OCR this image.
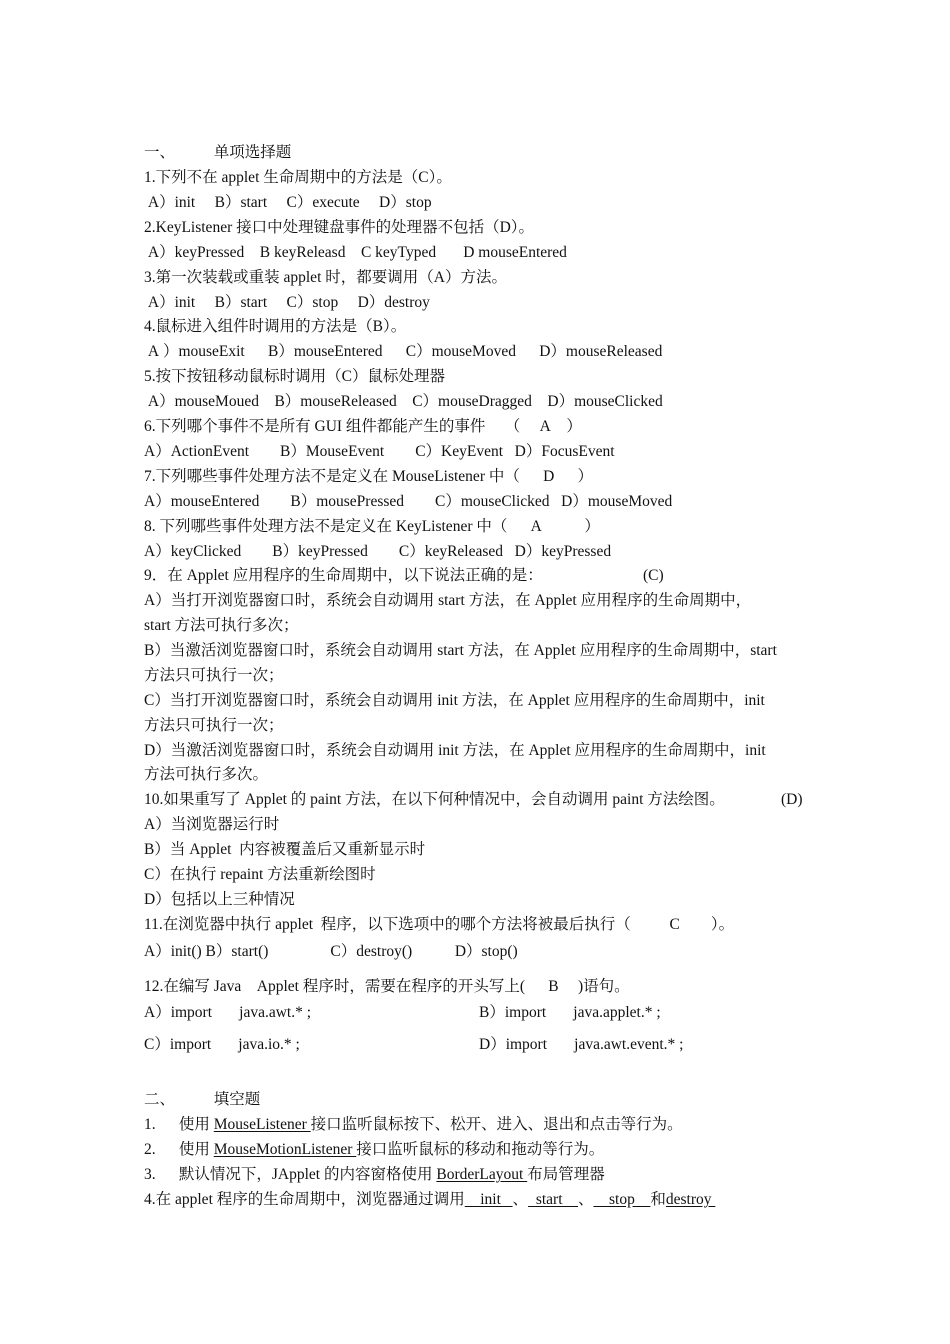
一、          单项选择题
1.下列不在 applet 生命周期中的方法是（C）。
A）init     B）start     C）execute     D）stop
2.KeyListener 接口中处理键盘事件的处理器不包括（D）。
A）keyPressed    B keyReleasd    C keyTyped       D mouseEntered
3.第一次装载或重装 applet 时，都要调用（A）方法。
A）init     B）start     C）stop     D）destroy
4.鼠标进入组件时调用的方法是（B）。
A ）mouseExit      B）mouseEntered      C）mouseMoved      D）mouseReleased
5.按下按钮移动鼠标时调用（C）鼠标处理器
A）mouseMoued    B）mouseReleased    C）mouseDragged    D）mouseClicked
6.下列哪个事件不是所有 GUI 组件都能产生的事件     （     A    ）
A）ActionEvent        B）MouseEvent        C）KeyEvent   D）FocusEvent
7.下列哪些事件处理方法不是定义在 MouseListener 中（      D      ）
A）mouseEntered        B）mousePressed        C）mouseClicked   D）mouseMoved
8. 下列哪些事件处理方法不是定义在 KeyListener 中（      A           ）
A）keyClicked        B）keyPressed        C）keyReleased   D）keyPressed
9．在 Applet 应用程序的生命周期中，以下说法正确的是：	(C)
A）当打开浏览器窗口时，系统会自动调用 start 方法，在 Applet 应用程序的生命周期中，
start 方法可执行多次；
B）当激活浏览器窗口时，系统会自动调用 start 方法，在 Applet 应用程序的生命周期中，start
方法只可执行一次；
C）当打开浏览器窗口时，系统会自动调用 init 方法，在 Applet 应用程序的生命周期中，init
方法只可执行一次；
D）当激活浏览器窗口时，系统会自动调用 init 方法，在 Applet 应用程序的生命周期中，init
方法可执行多次。
10.如果重写了 Applet 的 paint 方法，在以下何种情况中，会自动调用 paint 方法绘图。	(D)
A）当浏览器运行时
B）当 Applet  内容被覆盖后又重新显示时
C）在执行 repaint 方法重新绘图时
D）包括以上三种情况
11.在浏览器中执行 applet  程序，以下选项中的哪个方法将被最后执行（          C        ）。
A）init() B）start()                C）destroy()           D）stop()
12.在编写 Java    Applet 程序时，需要在程序的开头写上(      B     )语句。
A）import       java.awt.* ;	B）import       java.applet.* ;
C）import       java.io.* ;	D）import       java.awt.event.* ;
二、          填空题
1.      使用 MouseListener 接口监听鼠标按下、松开、进入、退出和点击等行为。
2.      使用 MouseMotionListener 接口监听鼠标的移动和拖动等行为。
3.      默认情况下，JApplet 的内容窗格使用 BorderLayout 布局管理器
4.在 applet 程序的生命周期中，浏览器通过调用    init   、  start    、    stop    和destroy
